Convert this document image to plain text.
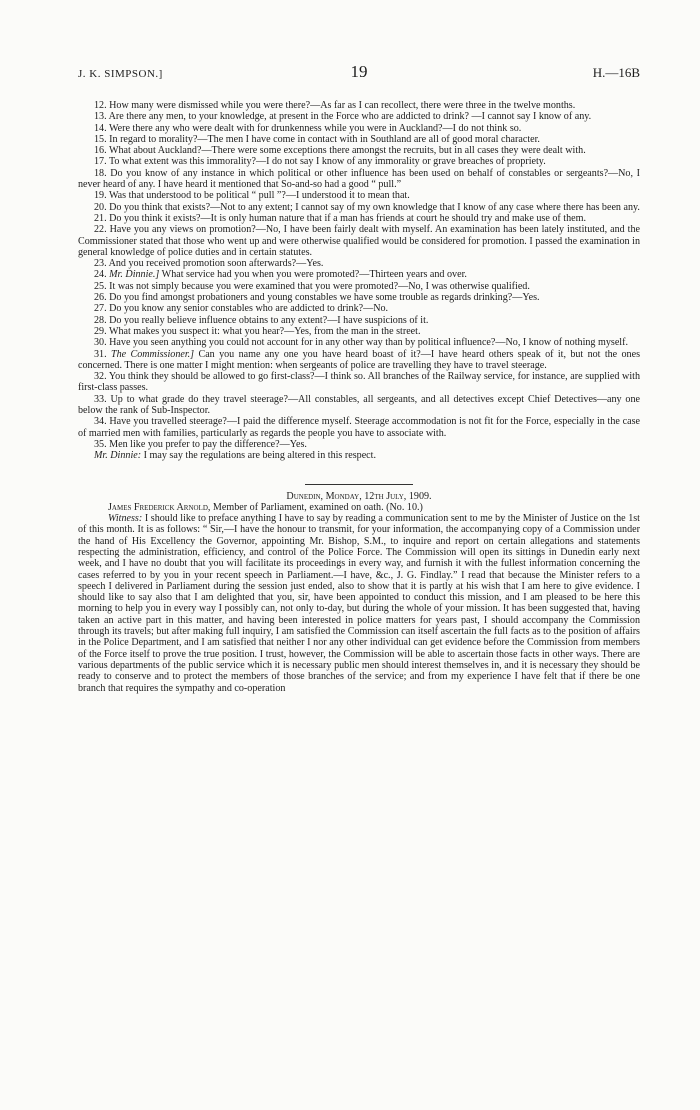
J. K. SIMPSON.]	19	H.—16B

12. How many were dismissed while you were there?—As far as I can recollect, there were three in the twelve months.

13. Are there any men, to your knowledge, at present in the Force who are addicted to drink? —I cannot say I know of any.

14. Were there any who were dealt with for drunkenness while you were in Auckland?—I do not think so.

15. In regard to morality?—The men I have come in contact with in Southland are all of good moral character.

16. What about Auckland?—There were some exceptions there amongst the recruits, but in all cases they were dealt with.

17. To what extent was this immorality?—I do not say I know of any immorality or grave breaches of propriety.

18. Do you know of any instance in which political or other influence has been used on behalf of constables or sergeants?—No, I never heard of any. I have heard it mentioned that So-and-so had a good “ pull.”

19. Was that understood to be political “ pull ”?—I understood it to mean that.

20. Do you think that exists?—Not to any extent; I cannot say of my own knowledge that I know of any case where there has been any.

21. Do you think it exists?—It is only human nature that if a man has friends at court he should try and make use of them.

22. Have you any views on promotion?—No, I have been fairly dealt with myself. An examination has been lately instituted, and the Commissioner stated that those who went up and were otherwise qualified would be considered for promotion. I passed the examination in general knowledge of police duties and in certain statutes.

23. And you received promotion soon afterwards?—Yes.

24. Mr. Dinnie.] What service had you when you were promoted?—Thirteen years and over.

25. It was not simply because you were examined that you were promoted?—No, I was otherwise qualified.

26. Do you find amongst probationers and young constables we have some trouble as regards drinking?—Yes.

27. Do you know any senior constables who are addicted to drink?—No.

28. Do you really believe influence obtains to any extent?—I have suspicions of it.

29. What makes you suspect it: what you hear?—Yes, from the man in the street.

30. Have you seen anything you could not account for in any other way than by political influence?—No, I know of nothing myself.

31. The Commissioner.] Can you name any one you have heard boast of it?—I have heard others speak of it, but not the ones concerned. There is one matter I might mention: when sergeants of police are travelling they have to travel steerage.

32. You think they should be allowed to go first-class?—I think so. All branches of the Railway service, for instance, are supplied with first-class passes.

33. Up to what grade do they travel steerage?—All constables, all sergeants, and all detectives except Chief Detectives—any one below the rank of Sub-Inspector.

34. Have you travelled steerage?—I paid the difference myself. Steerage accommodation is not fit for the Force, especially in the case of married men with families, particularly as regards the people you have to associate with.

35. Men like you prefer to pay the difference?—Yes.

Mr. Dinnie: I may say the regulations are being altered in this respect.

Dunedin, Monday, 12th July, 1909.

James Frederick Arnold, Member of Parliament, examined on oath. (No. 10.)

Witness: I should like to preface anything I have to say by reading a communication sent to me by the Minister of Justice on the 1st of this month. It is as follows: “ Sir,—I have the honour to transmit, for your information, the accompanying copy of a Commission under the hand of His Excellency the Governor, appointing Mr. Bishop, S.M., to inquire and report on certain allegations and statements respecting the administration, efficiency, and control of the Police Force. The Commission will open its sittings in Dunedin early next week, and I have no doubt that you will facilitate its proceedings in every way, and furnish it with the fullest information concerning the cases referred to by you in your recent speech in Parliament.—I have, &c., J. G. Findlay.” I read that because the Minister refers to a speech I delivered in Parliament during the session just ended, also to show that it is partly at his wish that I am here to give evidence. I should like to say also that I am delighted that you, sir, have been appointed to conduct this mission, and I am pleased to be here this morning to help you in every way I possibly can, not only to-day, but during the whole of your mission. It has been suggested that, having taken an active part in this matter, and having been interested in police matters for years past, I should accompany the Commission through its travels; but after making full inquiry, I am satisfied the Commission can itself ascertain the full facts as to the position of affairs in the Police Department, and I am satisfied that neither I nor any other individual can get evidence before the Commission from members of the Force itself to prove the true position. I trust, however, the Commission will be able to ascertain those facts in other ways. There are various departments of the public service which it is necessary public men should interest themselves in, and it is necessary they should be ready to conserve and to protect the members of those branches of the service; and from my experience I have felt that if there be one branch that requires the sympathy and co-operation
